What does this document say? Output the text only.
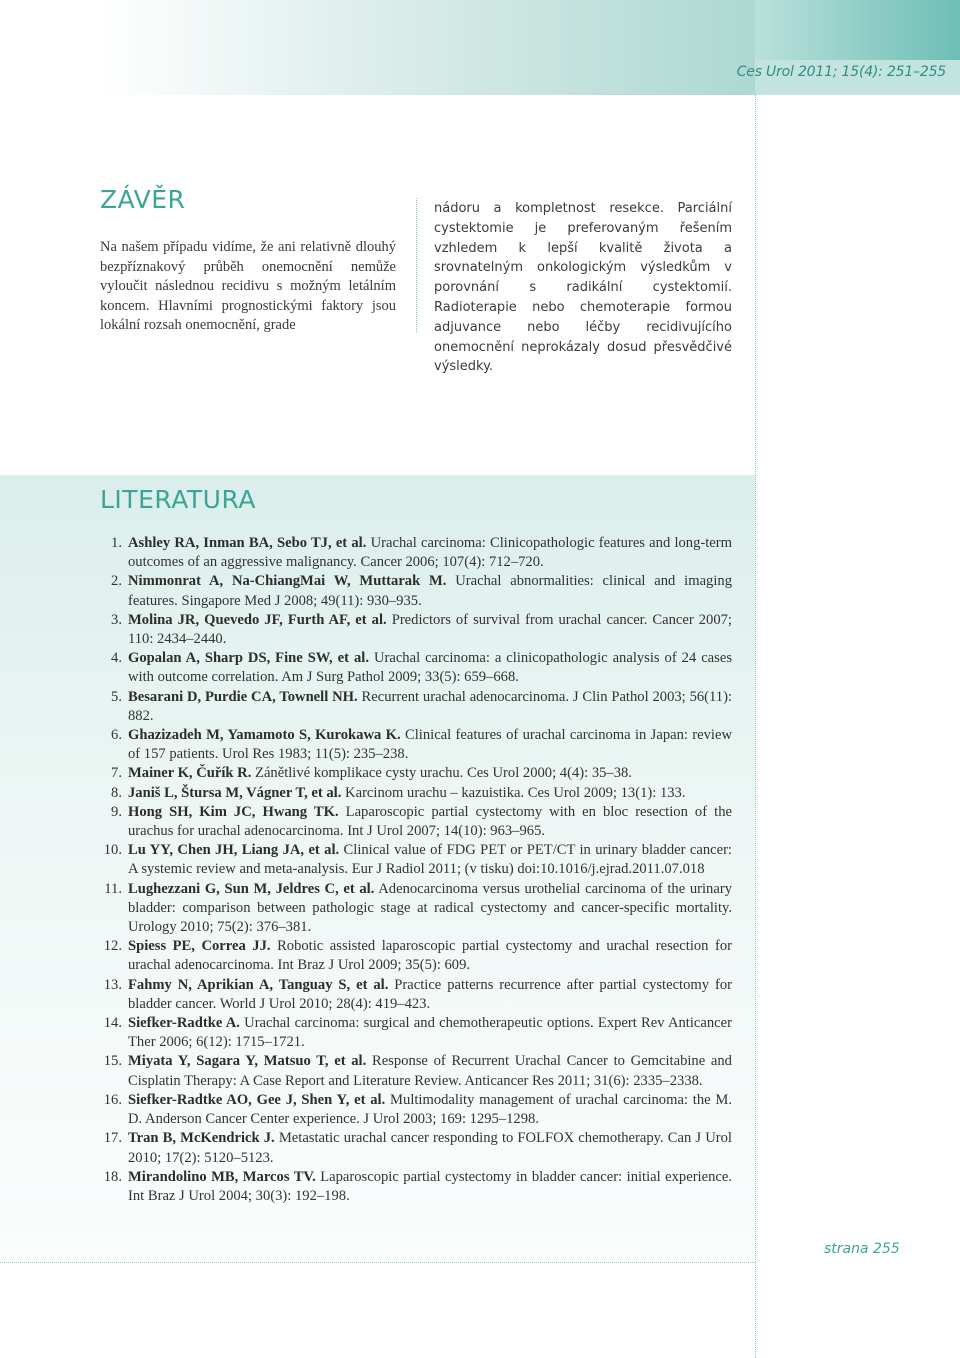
Ces Urol 2011; 15(4): 251–255

ZÁVĚR

Na našem případu vidíme, že ani relativně dlouhý bezpříznakový průběh onemocnění nemůže vyloučit následnou recidivu s možným letálním koncem. Hlavními prognostickými faktory jsou lokální rozsah onemocnění, grade

nádoru a kompletnost resekce. Parciální cystektomie je preferovaným řešením vzhledem k lepší kvalitě života a srovnatelným onkologickým výsledkům v porovnání s radikální cystektomií. Radioterapie nebo chemoterapie formou adjuvance nebo léčby recidivujícího onemocnění neprokázaly dosud přesvědčivé výsledky.

LITERATURA
1. Ashley RA, Inman BA, Sebo TJ, et al. Urachal carcinoma: Clinicopathologic features and long-term outcomes of an aggressive malignancy. Cancer 2006; 107(4): 712–720.
2. Nimmonrat A, Na-ChiangMai W, Muttarak M. Urachal abnormalities: clinical and imaging features. Singapore Med J 2008; 49(11): 930–935.
3. Molina JR, Quevedo JF, Furth AF, et al. Predictors of survival from urachal cancer. Cancer 2007; 110: 2434–2440.
4. Gopalan A, Sharp DS, Fine SW, et al. Urachal carcinoma: a clinicopathologic analysis of 24 cases with outcome correlation. Am J Surg Pathol 2009; 33(5): 659–668.
5. Besarani D, Purdie CA, Townell NH. Recurrent urachal adenocarcinoma. J Clin Pathol 2003; 56(11): 882.
6. Ghazizadeh M, Yamamoto S, Kurokawa K. Clinical features of urachal carcinoma in Japan: review of 157 patients. Urol Res 1983; 11(5): 235–238.
7. Mainer K, Čuřík R. Zánětlivé komplikace cysty urachu. Ces Urol 2000; 4(4): 35–38.
8. Janiš L, Štursa M, Vágner T, et al. Karcinom urachu – kazuistika. Ces Urol 2009; 13(1): 133.
9. Hong SH, Kim JC, Hwang TK. Laparoscopic partial cystectomy with en bloc resection of the urachus for urachal adenocarcinoma. Int J Urol 2007; 14(10): 963–965.
10. Lu YY, Chen JH, Liang JA, et al. Clinical value of FDG PET or PET/CT in urinary bladder cancer: A systemic review and meta-analysis. Eur J Radiol 2011; (v tisku) doi:10.1016/j.ejrad.2011.07.018
11. Lughezzani G, Sun M, Jeldres C, et al. Adenocarcinoma versus urothelial carcinoma of the urinary bladder: comparison between pathologic stage at radical cystectomy and cancer-specific mortality. Urology 2010; 75(2): 376–381.
12. Spiess PE, Correa JJ. Robotic assisted laparoscopic partial cystectomy and urachal resection for urachal adenocarcinoma. Int Braz J Urol 2009; 35(5): 609.
13. Fahmy N, Aprikian A, Tanguay S, et al. Practice patterns recurrence after partial cystectomy for bladder cancer. World J Urol 2010; 28(4): 419–423.
14. Siefker-Radtke A. Urachal carcinoma: surgical and chemotherapeutic options. Expert Rev Anticancer Ther 2006; 6(12): 1715–1721.
15. Miyata Y, Sagara Y, Matsuo T, et al. Response of Recurrent Urachal Cancer to Gemcitabine and Cisplatin Therapy: A Case Report and Literature Review. Anticancer Res 2011; 31(6): 2335–2338.
16. Siefker-Radtke AO, Gee J, Shen Y, et al. Multimodality management of urachal carcinoma: the M. D. Anderson Cancer Center experience. J Urol 2003; 169: 1295–1298.
17. Tran B, McKendrick J. Metastatic urachal cancer responding to FOLFOX chemotherapy. Can J Urol 2010; 17(2): 5120–5123.
18. Mirandolino MB, Marcos TV. Laparoscopic partial cystectomy in bladder cancer: initial experience. Int Braz J Urol 2004; 30(3): 192–198.

strana 255
